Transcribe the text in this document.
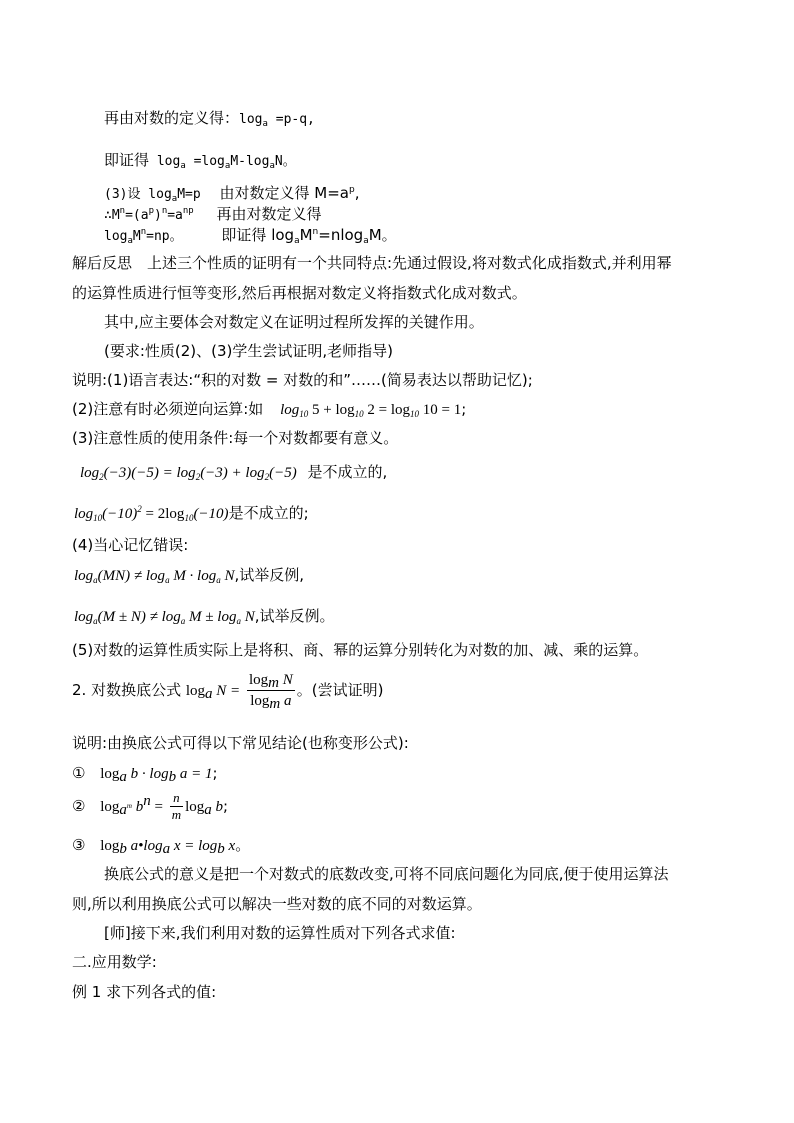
再由对数的定义得：$\log_a =p-q$,
即证得 $\log_a =\log_aM-\log_aN$。
(3)设 $\log_aM=p$ 由对数定义得 $M=a^p$,
$\therefore M^n=(a^p)^n=a^{np}$ 再由对数定义得
$\log_aM^n=np$。	即证得 $\log_aM^n=nlog_aM$。
解后反思　上述三个性质的证明有一个共同特点:先通过假设,将对数式化成指数式,并利用幂
的运算性质进行恒等变形,然后再根据对数定义将指数式化成对数式。
其中,应主要体会对数定义在证明过程所发挥的关键作用。
(要求:性质(2)、(3)学生尝试证明,老师指导)
说明:(1)语言表达:“积的对数 = 对数的和”……(简易表达以帮助记忆);
(2)注意有时必须逆向运算:如 $\log_{10} 5 + \log_{10} 2 = \log_{10} 10 = 1$;
(3)注意性质的使用条件:每一个对数都要有意义。
$\log_2(-3)(-5) = \log_2(-3) + \log_2(-5)$ 是不成立的,
$\log_{10}(-10)^2 = 2\log_{10}(-10)$是不成立的;
(4)当心记忆错误:
$\log_a(MN) \ne \log_a M \cdot \log_a N$,试举反例,
$\log_a(M \pm N) \ne \log_a M \pm \log_a N$,试举反例。
(5)对数的运算性质实际上是将积、商、幂的运算分别转化为对数的加、减、乘的运算。
2. 对数换底公式 $\log_a N = \frac{\log_m N}{\log_m a}$ 。(尝试证明)
说明:由换底公式可得以下常见结论(也称变形公式):
① $\log_a b \cdot \log_b a = 1$;
② $\log_{a^m} b^n = \frac{n}{m} \log_a b$;
③ $\log_b$ $a•\log_a$ $x = \log_b x$。
换底公式的意义是把一个对数式的底数改变,可将不同底问题化为同底,便于使用运算法
则,所以利用换底公式可以解决一些对数的底不同的对数运算。
[师]接下来,我们利用对数的运算性质对下列各式求值:
二.应用数学:
例 1 求下列各式的值:
